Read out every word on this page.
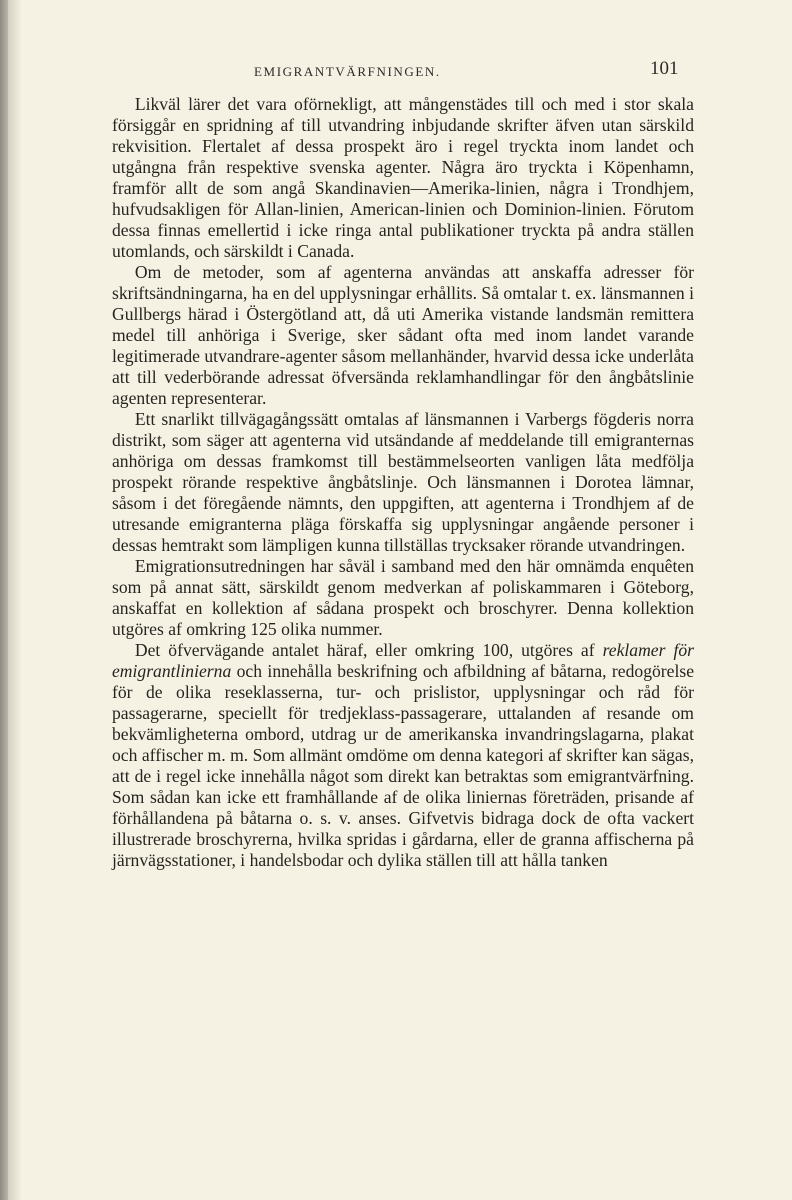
EMIGRANTVÄRFNINGEN.	101

Likväl lärer det vara oförnekligt, att mångenstädes till och med i stor skala försiggår en spridning af till utvandring inbjudande skrifter äfven utan särskild rekvisition. Flertalet af dessa prospekt äro i regel tryckta inom landet och utgångna från respektive svenska agenter. Några äro tryckta i Köpenhamn, framför allt de som angå Skandinavien—Amerika-linien, några i Trondhjem, hufvudsakligen för Allan-linien, American-linien och Dominion-linien. Förutom dessa finnas emellertid i icke ringa antal publikationer tryckta på andra ställen utomlands, och särskildt i Canada.

Om de metoder, som af agenterna användas att anskaffa adresser för skriftsändningarna, ha en del upplysningar erhållits. Så omtalar t. ex. länsmannen i Gullbergs härad i Östergötland att, då uti Amerika vistande landsmän remittera medel till anhöriga i Sverige, sker sådant ofta med inom landet varande legitimerade utvandrare-agenter såsom mellanhänder, hvarvid dessa icke underlåta att till vederbörande adressat öfversända reklamhandlingar för den ångbåtslinie agenten representerar.

Ett snarlikt tillvägagångssätt omtalas af länsmannen i Varbergs fögderis norra distrikt, som säger att agenterna vid utsändande af meddelande till emigranternas anhöriga om dessas framkomst till bestämmelseorten vanligen låta medfölja prospekt rörande respektive ångbåtslinje. Och länsmannen i Dorotea lämnar, såsom i det föregående nämnts, den uppgiften, att agenterna i Trondhjem af de utresande emigranterna pläga förskaffa sig upplysningar angående personer i dessas hemtrakt som lämpligen kunna tillställas trycksaker rörande utvandringen.

Emigrationsutredningen har såväl i samband med den här omnämda enquêten som på annat sätt, särskildt genom medverkan af poliskammaren i Göteborg, anskaffat en kollektion af sådana prospekt och broschyrer. Denna kollektion utgöres af omkring 125 olika nummer.

Det öfvervägande antalet häraf, eller omkring 100, utgöres af reklamer för emigrantlinierna och innehålla beskrifning och afbildning af båtarna, redogörelse för de olika reseklasserna, tur- och prislistor, upplysningar och råd för passagerarne, speciellt för tredjeklass-passagerare, uttalanden af resande om bekvämligheterna ombord, utdrag ur de amerikanska invandringslagarna, plakat och affischer m. m. Som allmänt omdöme om denna kategori af skrifter kan sägas, att de i regel icke innehålla något som direkt kan betraktas som emigrantvärfning. Som sådan kan icke ett framhållande af de olika liniernas företräden, prisande af förhållandena på båtarna o. s. v. anses. Gifvetvis bidraga dock de ofta vackert illustrerade broschyrerna, hvilka spridas i gårdarna, eller de granna affischerna på järnvägsstationer, i handelsbodar och dylika ställen till att hålla tanken
